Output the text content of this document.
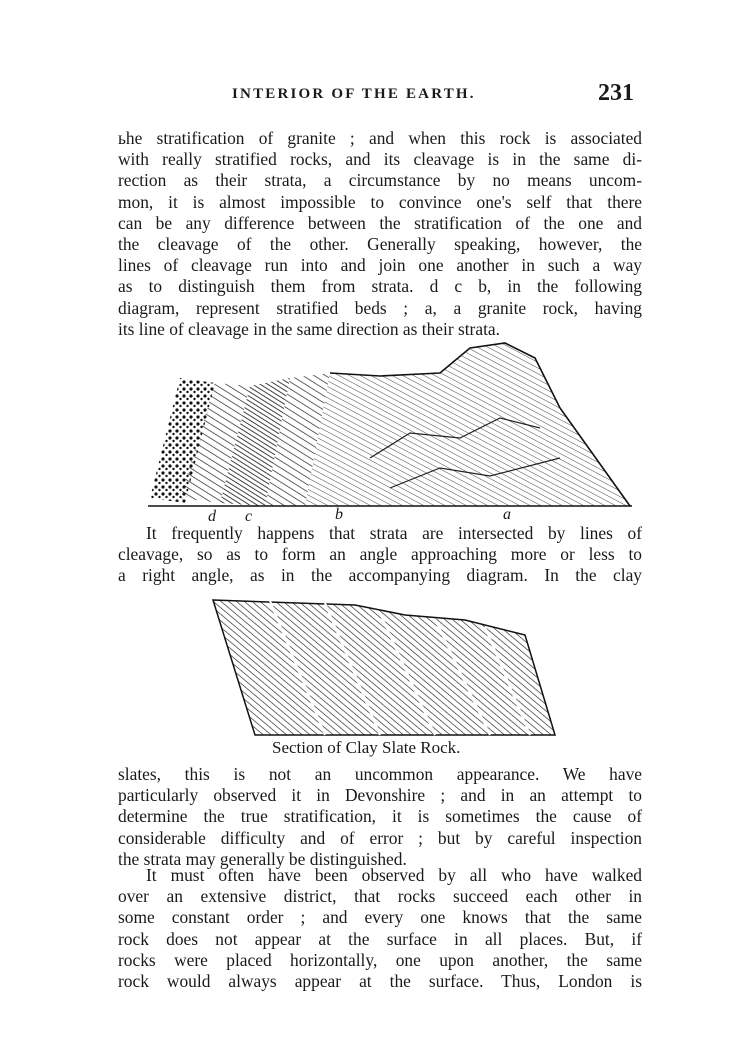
INTERIOR OF THE EARTH.	231
ьhe stratification of granite ; and when this rock is associated
with really stratified rocks, and its cleavage is in the same di-
rection as their strata, a circumstance by no means uncom-
mon, it is almost impossible to convince one's self that there
can be any difference between the stratification of the one and
the cleavage of the other. Generally speaking, however, the
lines of cleavage run into and join one another in such a way
as to distinguish them from strata. d c b, in the following
diagram, represent stratified beds ; a, a granite rock, having
its line of cleavage in the same direction as their strata.
d c	b	a
It frequently happens that strata are intersected by lines of
cleavage, so as to form an angle approaching more or less to
a right angle, as in the accompanying diagram. In the clay
Section of Clay Slate Rock.
slates, this is not an uncommon appearance. We have
particularly observed it in Devonshire ; and in an attempt to
determine the true stratification, it is sometimes the cause of
considerable difficulty and of error ; but by careful inspection
the strata may generally be distinguished.
It must often have been observed by all who have walked
over an extensive district, that rocks succeed each other in
some constant order ; and every one knows that the same
rock does not appear at the surface in all places. But, if
rocks were placed horizontally, one upon another, the same
rock would always appear at the surface. Thus, London is
